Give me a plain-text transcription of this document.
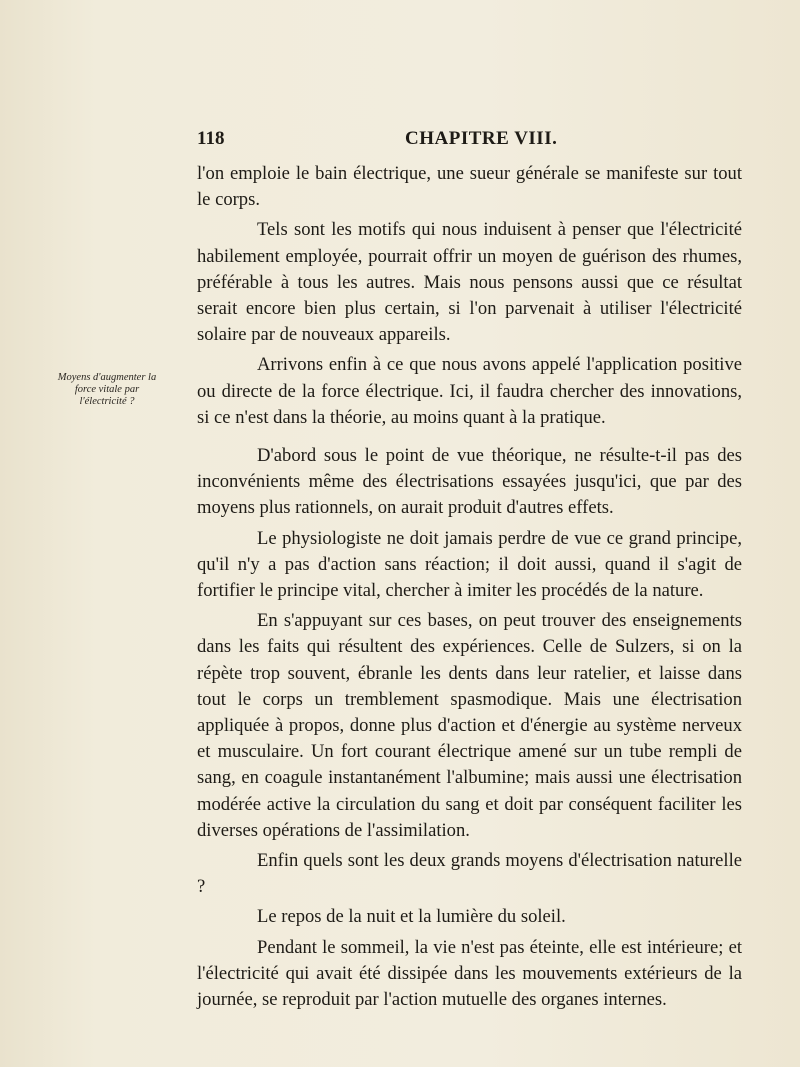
118	CHAPITRE VIII.
Moyens d'augmenter la
force vitale par
l'électricité ?

l'on emploie le bain électrique, une sueur générale se manifeste sur tout le corps.

Tels sont les motifs qui nous induisent à penser que l'électricité habilement employée, pourrait offrir un moyen de guérison des rhumes, préférable à tous les autres. Mais nous pensons aussi que ce résultat serait encore bien plus certain, si l'on parvenait à utiliser l'électricité solaire par de nouveaux appareils.

Arrivons enfin à ce que nous avons appelé l'application positive ou directe de la force électrique. Ici, il faudra chercher des innovations, si ce n'est dans la théorie, au moins quant à la pratique.

D'abord sous le point de vue théorique, ne résulte-t-il pas des inconvénients même des électrisations essayées jusqu'ici, que par des moyens plus rationnels, on aurait produit d'autres effets.

Le physiologiste ne doit jamais perdre de vue ce grand principe, qu'il n'y a pas d'action sans réaction; il doit aussi, quand il s'agit de fortifier le principe vital, chercher à imiter les procédés de la nature.

En s'appuyant sur ces bases, on peut trouver des enseignements dans les faits qui résultent des expériences. Celle de Sulzers, si on la répète trop souvent, ébranle les dents dans leur ratelier, et laisse dans tout le corps un tremblement spasmodique. Mais une électrisation appliquée à propos, donne plus d'action et d'énergie au système nerveux et musculaire. Un fort courant électrique amené sur un tube rempli de sang, en coagule instantanément l'albumine; mais aussi une électrisation modérée active la circulation du sang et doit par conséquent faciliter les diverses opérations de l'assimilation.

Enfin quels sont les deux grands moyens d'électrisation naturelle ?

Le repos de la nuit et la lumière du soleil.

Pendant le sommeil, la vie n'est pas éteinte, elle est intérieure; et l'électricité qui avait été dissipée dans les mouvements extérieurs de la journée, se reproduit par l'action mutuelle des organes internes.
